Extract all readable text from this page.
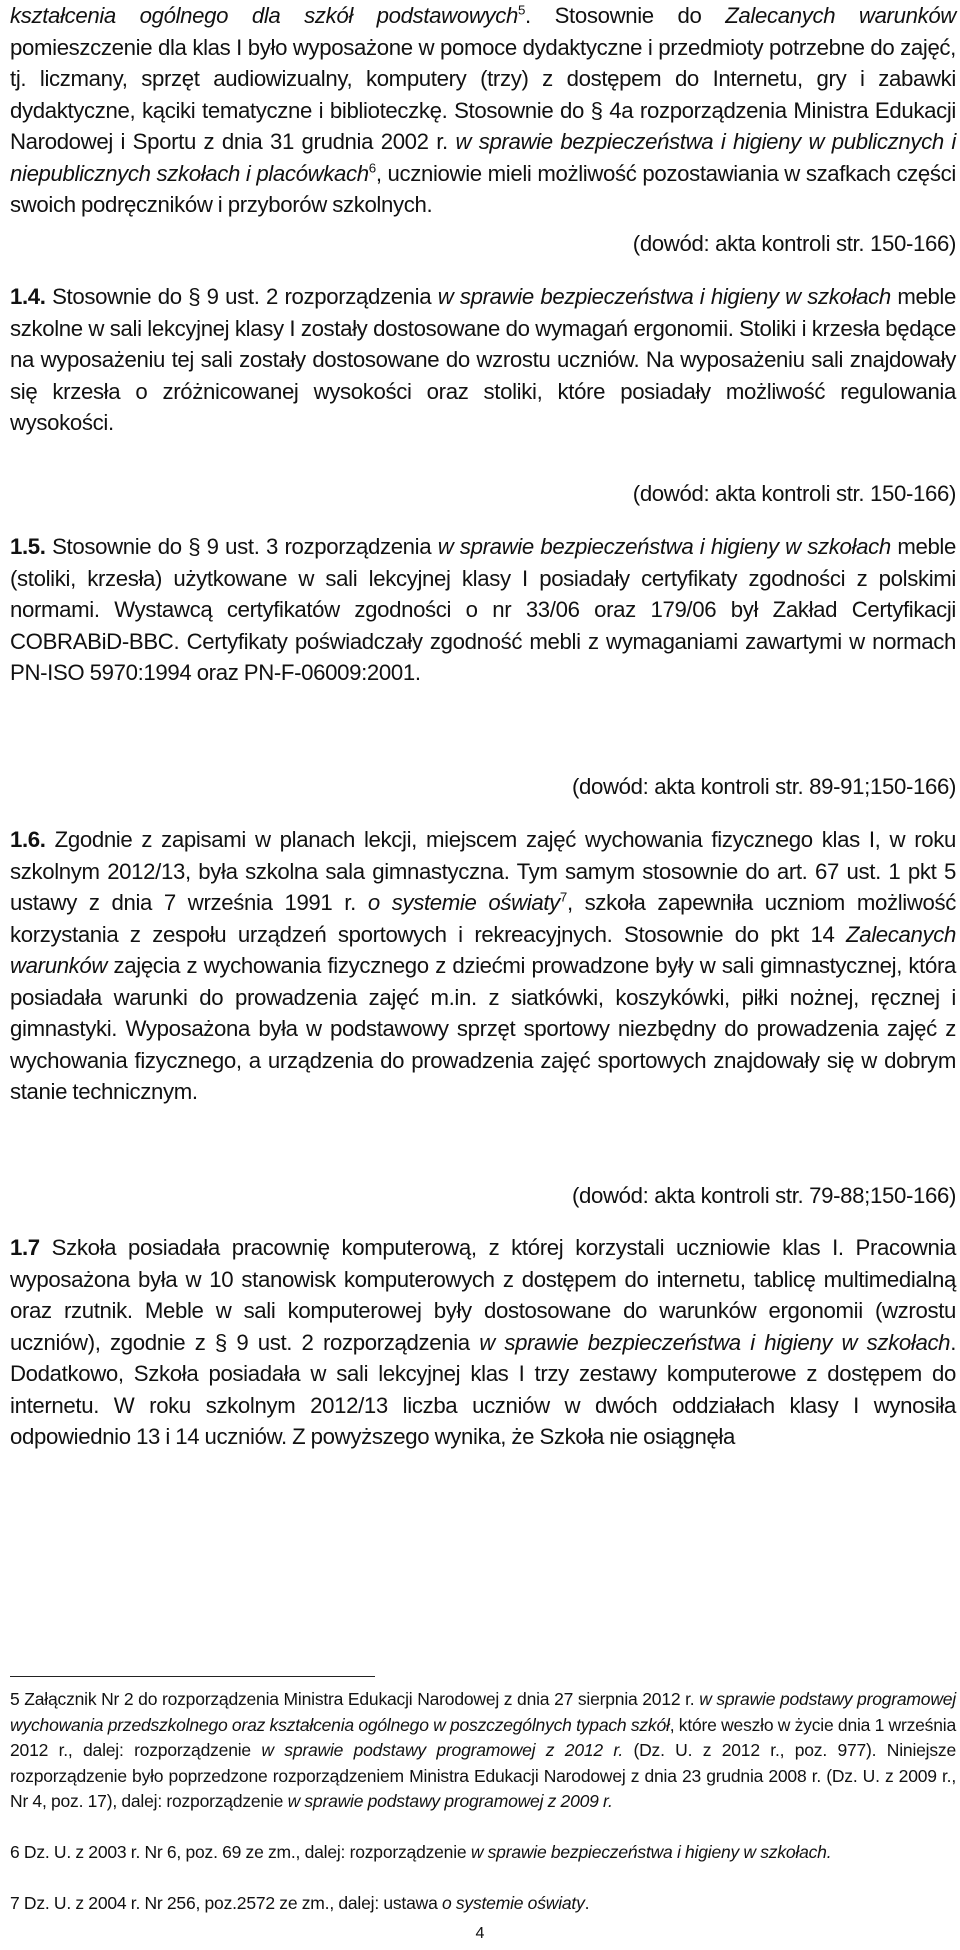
kształcenia ogólnego dla szkół podstawowych$^5$. Stosownie do Zalecanych warunków pomieszczenie dla klas I było wyposażone w pomoce dydaktyczne i przedmioty potrzebne do zajęć, tj. liczmany, sprzęt audiowizualny, komputery (trzy) z dostępem do Internetu, gry i zabawki dydaktyczne, kąciki tematyczne i biblioteczkę. Stosownie do § 4a rozporządzenia Ministra Edukacji Narodowej i Sportu z dnia 31 grudnia 2002 r. w sprawie bezpieczeństwa i higieny w publicznych i niepublicznych szkołach i placówkach$^6$, uczniowie mieli możliwość pozostawiania w szafkach części swoich podręczników i przyborów szkolnych.
(dowód: akta kontroli str. 150-166)
1.4. Stosownie do § 9 ust. 2 rozporządzenia w sprawie bezpieczeństwa i higieny w szkołach meble szkolne w sali lekcyjnej klasy I zostały dostosowane do wymagań ergonomii. Stoliki i krzesła będące na wyposażeniu tej sali zostały dostosowane do wzrostu uczniów. Na wyposażeniu sali znajdowały się krzesła o zróżnicowanej wysokości oraz stoliki, które posiadały możliwość regulowania wysokości.
(dowód: akta kontroli str. 150-166)
1.5. Stosownie do § 9 ust. 3 rozporządzenia w sprawie bezpieczeństwa i higieny w szkołach meble (stoliki, krzesła) użytkowane w sali lekcyjnej klasy I posiadały certyfikaty zgodności z polskimi normami. Wystawcą certyfikatów zgodności o nr 33/06 oraz 179/06 był Zakład Certyfikacji COBRABiD-BBC. Certyfikaty poświadczały zgodność mebli z wymaganiami zawartymi w normach PN-ISO 5970:1994 oraz PN-F-06009:2001.
(dowód: akta kontroli str. 89-91;150-166)
1.6. Zgodnie z zapisami w planach lekcji, miejscem zajęć wychowania fizycznego klas I, w roku szkolnym 2012/13, była szkolna sala gimnastyczna. Tym samym stosownie do art. 67 ust. 1 pkt 5 ustawy z dnia 7 września 1991 r. o systemie oświaty$^7$, szkoła zapewniła uczniom możliwość korzystania z zespołu urządzeń sportowych i rekreacyjnych. Stosownie do pkt 14 Zalecanych warunków zajęcia z wychowania fizycznego z dziećmi prowadzone były w sali gimnastycznej, która posiadała warunki do prowadzenia zajęć m.in. z siatkówki, koszykówki, piłki nożnej, ręcznej i gimnastyki. Wyposażona była w podstawowy sprzęt sportowy niezbędny do prowadzenia zajęć z wychowania fizycznego, a urządzenia do prowadzenia zajęć sportowych znajdowały się w dobrym stanie technicznym.
(dowód: akta kontroli str. 79-88;150-166)
1.7 Szkoła posiadała pracownię komputerową, z której korzystali uczniowie klas I. Pracownia wyposażona była w 10 stanowisk komputerowych z dostępem do internetu, tablicę multimedialną oraz rzutnik. Meble w sali komputerowej były dostosowane do warunków ergonomii (wzrostu uczniów), zgodnie z § 9 ust. 2 rozporządzenia w sprawie bezpieczeństwa i higieny w szkołach. Dodatkowo, Szkoła posiadała w sali lekcyjnej klas I trzy zestawy komputerowe z dostępem do internetu. W roku szkolnym 2012/13 liczba uczniów w dwóch oddziałach klasy I wynosiła odpowiednio 13 i 14 uczniów. Z powyższego wynika, że Szkoła nie osiągnęła
5 Załącznik Nr 2 do rozporządzenia Ministra Edukacji Narodowej z dnia 27 sierpnia 2012 r. w sprawie podstawy programowej wychowania przedszkolnego oraz kształcenia ogólnego w poszczególnych typach szkół, które weszło w życie dnia 1 września 2012 r., dalej: rozporządzenie w sprawie podstawy programowej z 2012 r. (Dz. U. z 2012 r., poz. 977). Niniejsze rozporządzenie było poprzedzone rozporządzeniem Ministra Edukacji Narodowej z dnia 23 grudnia 2008 r. (Dz. U. z 2009 r., Nr 4, poz. 17), dalej: rozporządzenie w sprawie podstawy programowej z 2009 r.
6 Dz. U. z 2003 r. Nr 6, poz. 69 ze zm., dalej: rozporządzenie w sprawie bezpieczeństwa i higieny w szkołach.
7 Dz. U. z 2004 r. Nr 256, poz.2572 ze zm., dalej: ustawa o systemie oświaty.
4
